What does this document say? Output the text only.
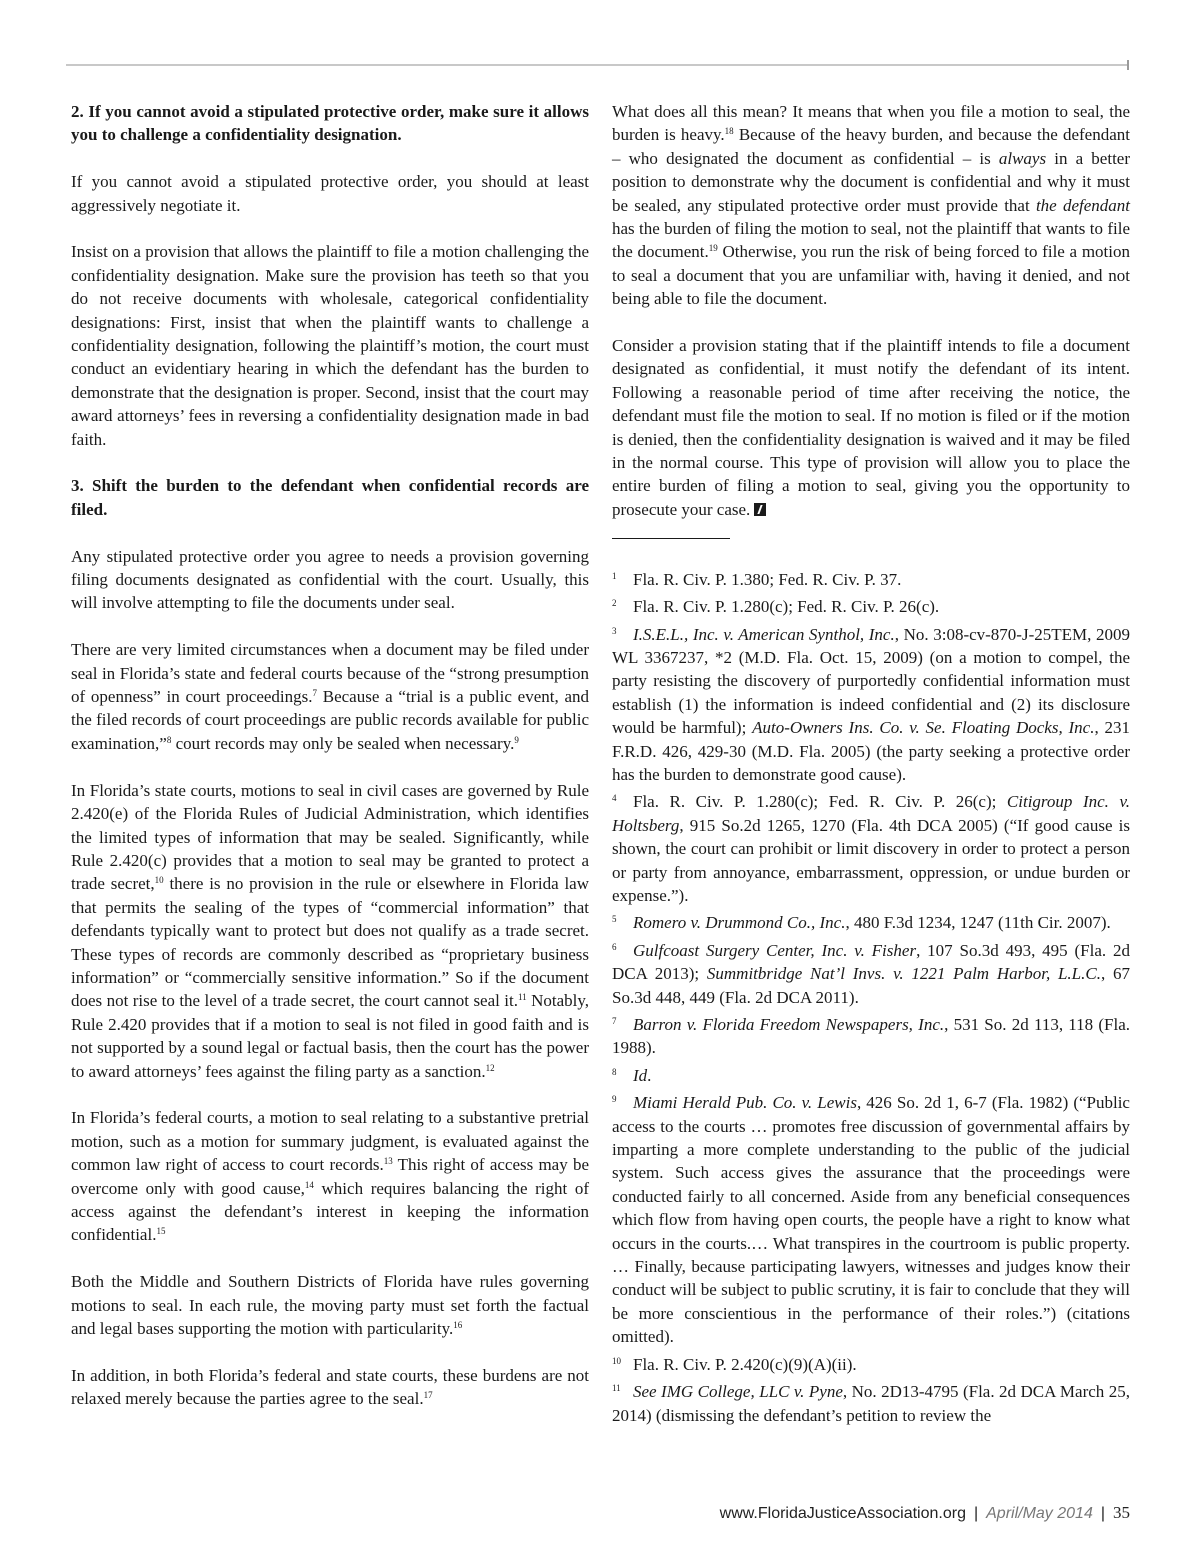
2. If you cannot avoid a stipulated protective order, make sure it allows you to challenge a confidentiality designation.

If you cannot avoid a stipulated protective order, you should at least aggressively negotiate it.

Insist on a provision that allows the plaintiff to file a motion challenging the confidentiality designation. Make sure the provision has teeth so that you do not receive documents with wholesale, categorical confidentiality designations: First, insist that when the plaintiff wants to challenge a confidentiality designation, following the plaintiff’s motion, the court must conduct an evidentiary hearing in which the defendant has the burden to demonstrate that the designation is proper. Second, insist that the court may award attorneys’ fees in reversing a confidentiality designation made in bad faith.

3. Shift the burden to the defendant when confidential records are filed.

Any stipulated protective order you agree to needs a provision governing filing documents designated as confidential with the court. Usually, this will involve attempting to file the documents under seal.

There are very limited circumstances when a document may be filed under seal in Florida’s state and federal courts because of the “strong presumption of openness” in court proceedings.$^7$ Because a “trial is a public event, and the filed records of court proceedings are public records available for public examination,”$^8$ court records may only be sealed when necessary.$^9$

In Florida’s state courts, motions to seal in civil cases are governed by Rule 2.420(e) of the Florida Rules of Judicial Administration, which identifies the limited types of information that may be sealed. Significantly, while Rule 2.420(c) provides that a motion to seal may be granted to protect a trade secret,$^{10}$ there is no provision in the rule or elsewhere in Florida law that permits the sealing of the types of “commercial information” that defendants typically want to protect but does not qualify as a trade secret. These types of records are commonly described as “proprietary business information” or “commercially sensitive information.” So if the document does not rise to the level of a trade secret, the court cannot seal it.$^{11}$ Notably, Rule 2.420 provides that if a motion to seal is not filed in good faith and is not supported by a sound legal or factual basis, then the court has the power to award attorneys’ fees against the filing party as a sanction.$^{12}$

In Florida’s federal courts, a motion to seal relating to a substantive pretrial motion, such as a motion for summary judgment, is evaluated against the common law right of access to court records.$^{13}$ This right of access may be overcome only with good cause,$^{14}$ which requires balancing the right of access against the defendant’s interest in keeping the information confidential.$^{15}$

Both the Middle and Southern Districts of Florida have rules governing motions to seal. In each rule, the moving party must set forth the factual and legal bases supporting the motion with particularity.$^{16}$

In addition, in both Florida’s federal and state courts, these burdens are not relaxed merely because the parties agree to the seal.$^{17}$

What does all this mean? It means that when you file a motion to seal, the burden is heavy.$^{18}$ Because of the heavy burden, and because the defendant – who designated the document as confidential – is always in a better position to demonstrate why the document is confidential and why it must be sealed, any stipulated protective order must provide that the defendant has the burden of filing the motion to seal, not the plaintiff that wants to file the document.$^{19}$ Otherwise, you run the risk of being forced to file a motion to seal a document that you are unfamiliar with, having it denied, and not being able to file the document.

Consider a provision stating that if the plaintiff intends to file a document designated as confidential, it must notify the defendant of its intent. Following a reasonable period of time after receiving the notice, the defendant must file the motion to seal. If no motion is filed or if the motion is denied, then the confidentiality designation is waived and it may be filed in the normal course. This type of provision will allow you to place the entire burden of filing a motion to seal, giving you the opportunity to prosecute your case.

1 Fla. R. Civ. P. 1.380; Fed. R. Civ. P. 37.

2 Fla. R. Civ. P. 1.280(c); Fed. R. Civ. P. 26(c).

3 I.S.E.L., Inc. v. American Synthol, Inc., No. 3:08-cv-870-J-25TEM, 2009 WL 3367237, *2 (M.D. Fla. Oct. 15, 2009) (on a motion to compel, the party resisting the discovery of purportedly confidential information must establish (1) the information is indeed confidential and (2) its disclosure would be harmful); Auto-Owners Ins. Co. v. Se. Floating Docks, Inc., 231 F.R.D. 426, 429-30 (M.D. Fla. 2005) (the party seeking a protective order has the burden to demonstrate good cause).

4 Fla. R. Civ. P. 1.280(c); Fed. R. Civ. P. 26(c); Citigroup Inc. v. Holtsberg, 915 So.2d 1265, 1270 (Fla. 4th DCA 2005) (“If good cause is shown, the court can prohibit or limit discovery in order to protect a person or party from annoyance, embarrassment, oppression, or undue burden or expense.”).

5 Romero v. Drummond Co., Inc., 480 F.3d 1234, 1247 (11th Cir. 2007).

6 Gulfcoast Surgery Center, Inc. v. Fisher, 107 So.3d 493, 495 (Fla. 2d DCA 2013); Summitbridge Nat’l Invs. v. 1221 Palm Harbor, L.L.C., 67 So.3d 448, 449 (Fla. 2d DCA 2011).

7 Barron v. Florida Freedom Newspapers, Inc., 531 So. 2d 113, 118 (Fla. 1988).

8 Id.

9 Miami Herald Pub. Co. v. Lewis, 426 So. 2d 1, 6-7 (Fla. 1982) (“Public access to the courts … promotes free discussion of governmental affairs by imparting a more complete understanding to the public of the judicial system. Such access gives the assurance that the proceedings were conducted fairly to all concerned. Aside from any beneficial consequences which flow from having open courts, the people have a right to know what occurs in the courts.… What transpires in the courtroom is public property. … Finally, because participating lawyers, witnesses and judges know their conduct will be subject to public scrutiny, it is fair to conclude that they will be more conscientious in the performance of their roles.”) (citations omitted).

10 Fla. R. Civ. P. 2.420(c)(9)(A)(ii).

11 See IMG College, LLC v. Pyne, No. 2D13-4795 (Fla. 2d DCA March 25, 2014) (dismissing the defendant’s petition to review the

www.FloridaJusticeAssociation.org | April/May 2014 | 35
